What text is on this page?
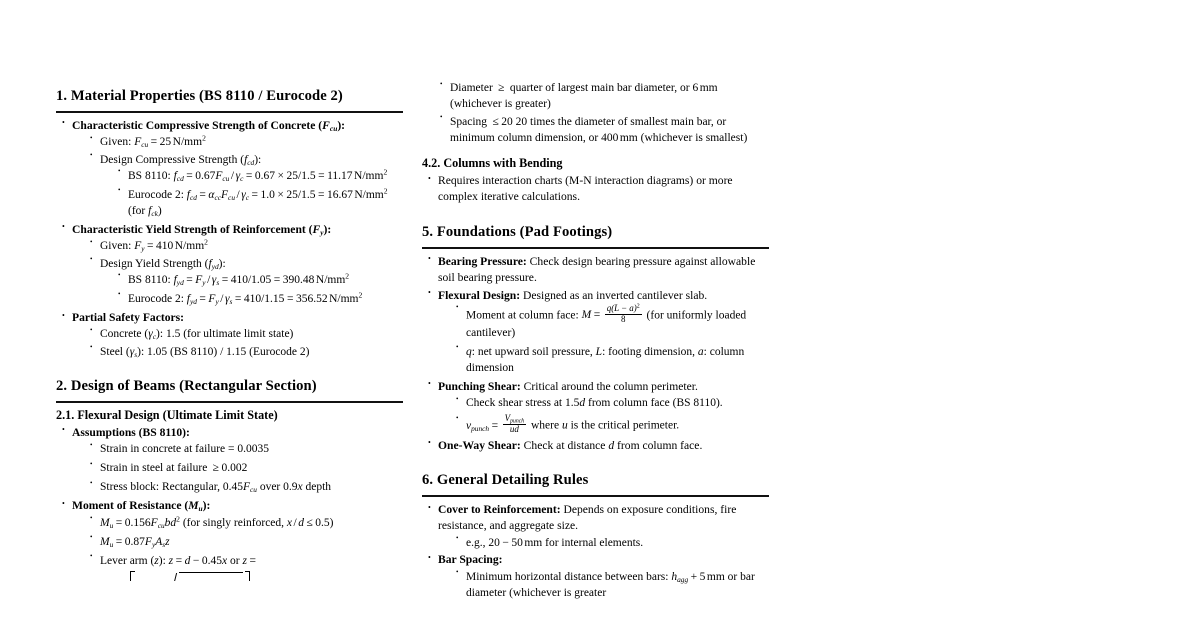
1. Material Properties (BS 8110 / Eurocode 2)
• Characteristic Compressive Strength of Concrete $(F_{cu})$:
• Given: $F_{cu} = 25$ $N/mm^2$
• Design Compressive Strength $(f_{cd})$:
• BS 8110: $f_{cd} = 0.67F_{cu} / \gamma_c = 0.67 \times 25/1.5 = 11.17$ $N/mm^2$
• Eurocode 2: $f_{cd} = \alpha_{cc}F_{cu} / \gamma_c = 1.0 \times 25/1.5 = 16.67$ $N/mm^2$ (for $f_{ck}$)
• Characteristic Yield Strength of Reinforcement $(F_y)$:
• Given: $F_y = 410$ $N/mm^2$
• Design Yield Strength $(f_{yd})$:
• BS 8110: $f_{yd} = F_y / \gamma_s = 410/1.05 = 390.48$ $N/mm^2$
• Eurocode 2: $f_{yd} = F_y / \gamma_s = 410/1.15 = 356.52$ $N/mm^2$
• Partial Safety Factors:
• Concrete $(\gamma_c)$: 1.5 (for ultimate limit state)
• Steel $(\gamma_s)$: 1.05 (BS 8110) / 1.15 (Eurocode 2)
2. Design of Beams (Rectangular Section)
2.1. Flexural Design (Ultimate Limit State)
• Assumptions (BS 8110):
• Strain in concrete at failure = 0.0035
• Strain in steel at failure ≥ 0.002
• Stress block: Rectangular, $0.45F_{cu}$ over 0.9x depth
• Moment of Resistance $(M_u)$:
• $M_u = 0.156F_{cu}bd^2$ (for singly reinforced, x / d ≤ 0.5)
• $M_u = 0.87F_yA_sz$
• Lever arm (z): z = d − 0.45x or z =
• Diameter ≥ quarter of largest main bar diameter, or 6 mm (whichever is greater)
• Spacing ≤ 20 20 times the diameter of smallest main bar, or minimum column dimension, or 400 mm (whichever is smallest)
4.2. Columns with Bending
• Requires interaction charts (M-N interaction diagrams) or more complex iterative calculations.
5. Foundations (Pad Footings)
• Bearing Pressure: Check design bearing pressure against allowable soil bearing pressure.
• Flexural Design: Designed as an inverted cantilever slab.
• Moment at column face: $M = \frac{q(L - a)^2}{8} (for$ uniformly loaded cantilever)
• q: net upward soil pressure, L: footing dimension, a: column dimension
• Punching Shear: Critical around the column perimeter.
• Check shear stress at 1.5d from column face (BS 8110).
• $v_{punch} = \frac{V_{punch}}{ud}$ where u is the critical perimeter.
• One-Way Shear: Check at distance d from column face.
6. General Detailing Rules
• Cover to Reinforcement: Depends on exposure conditions, fire resistance, and aggregate size.
• e.g., 20 − 50 mm for internal elements.
• Bar Spacing:
• Minimum horizontal distance between bars: $h_{agg} + 5$ mm or bar diameter (whichever is greater
